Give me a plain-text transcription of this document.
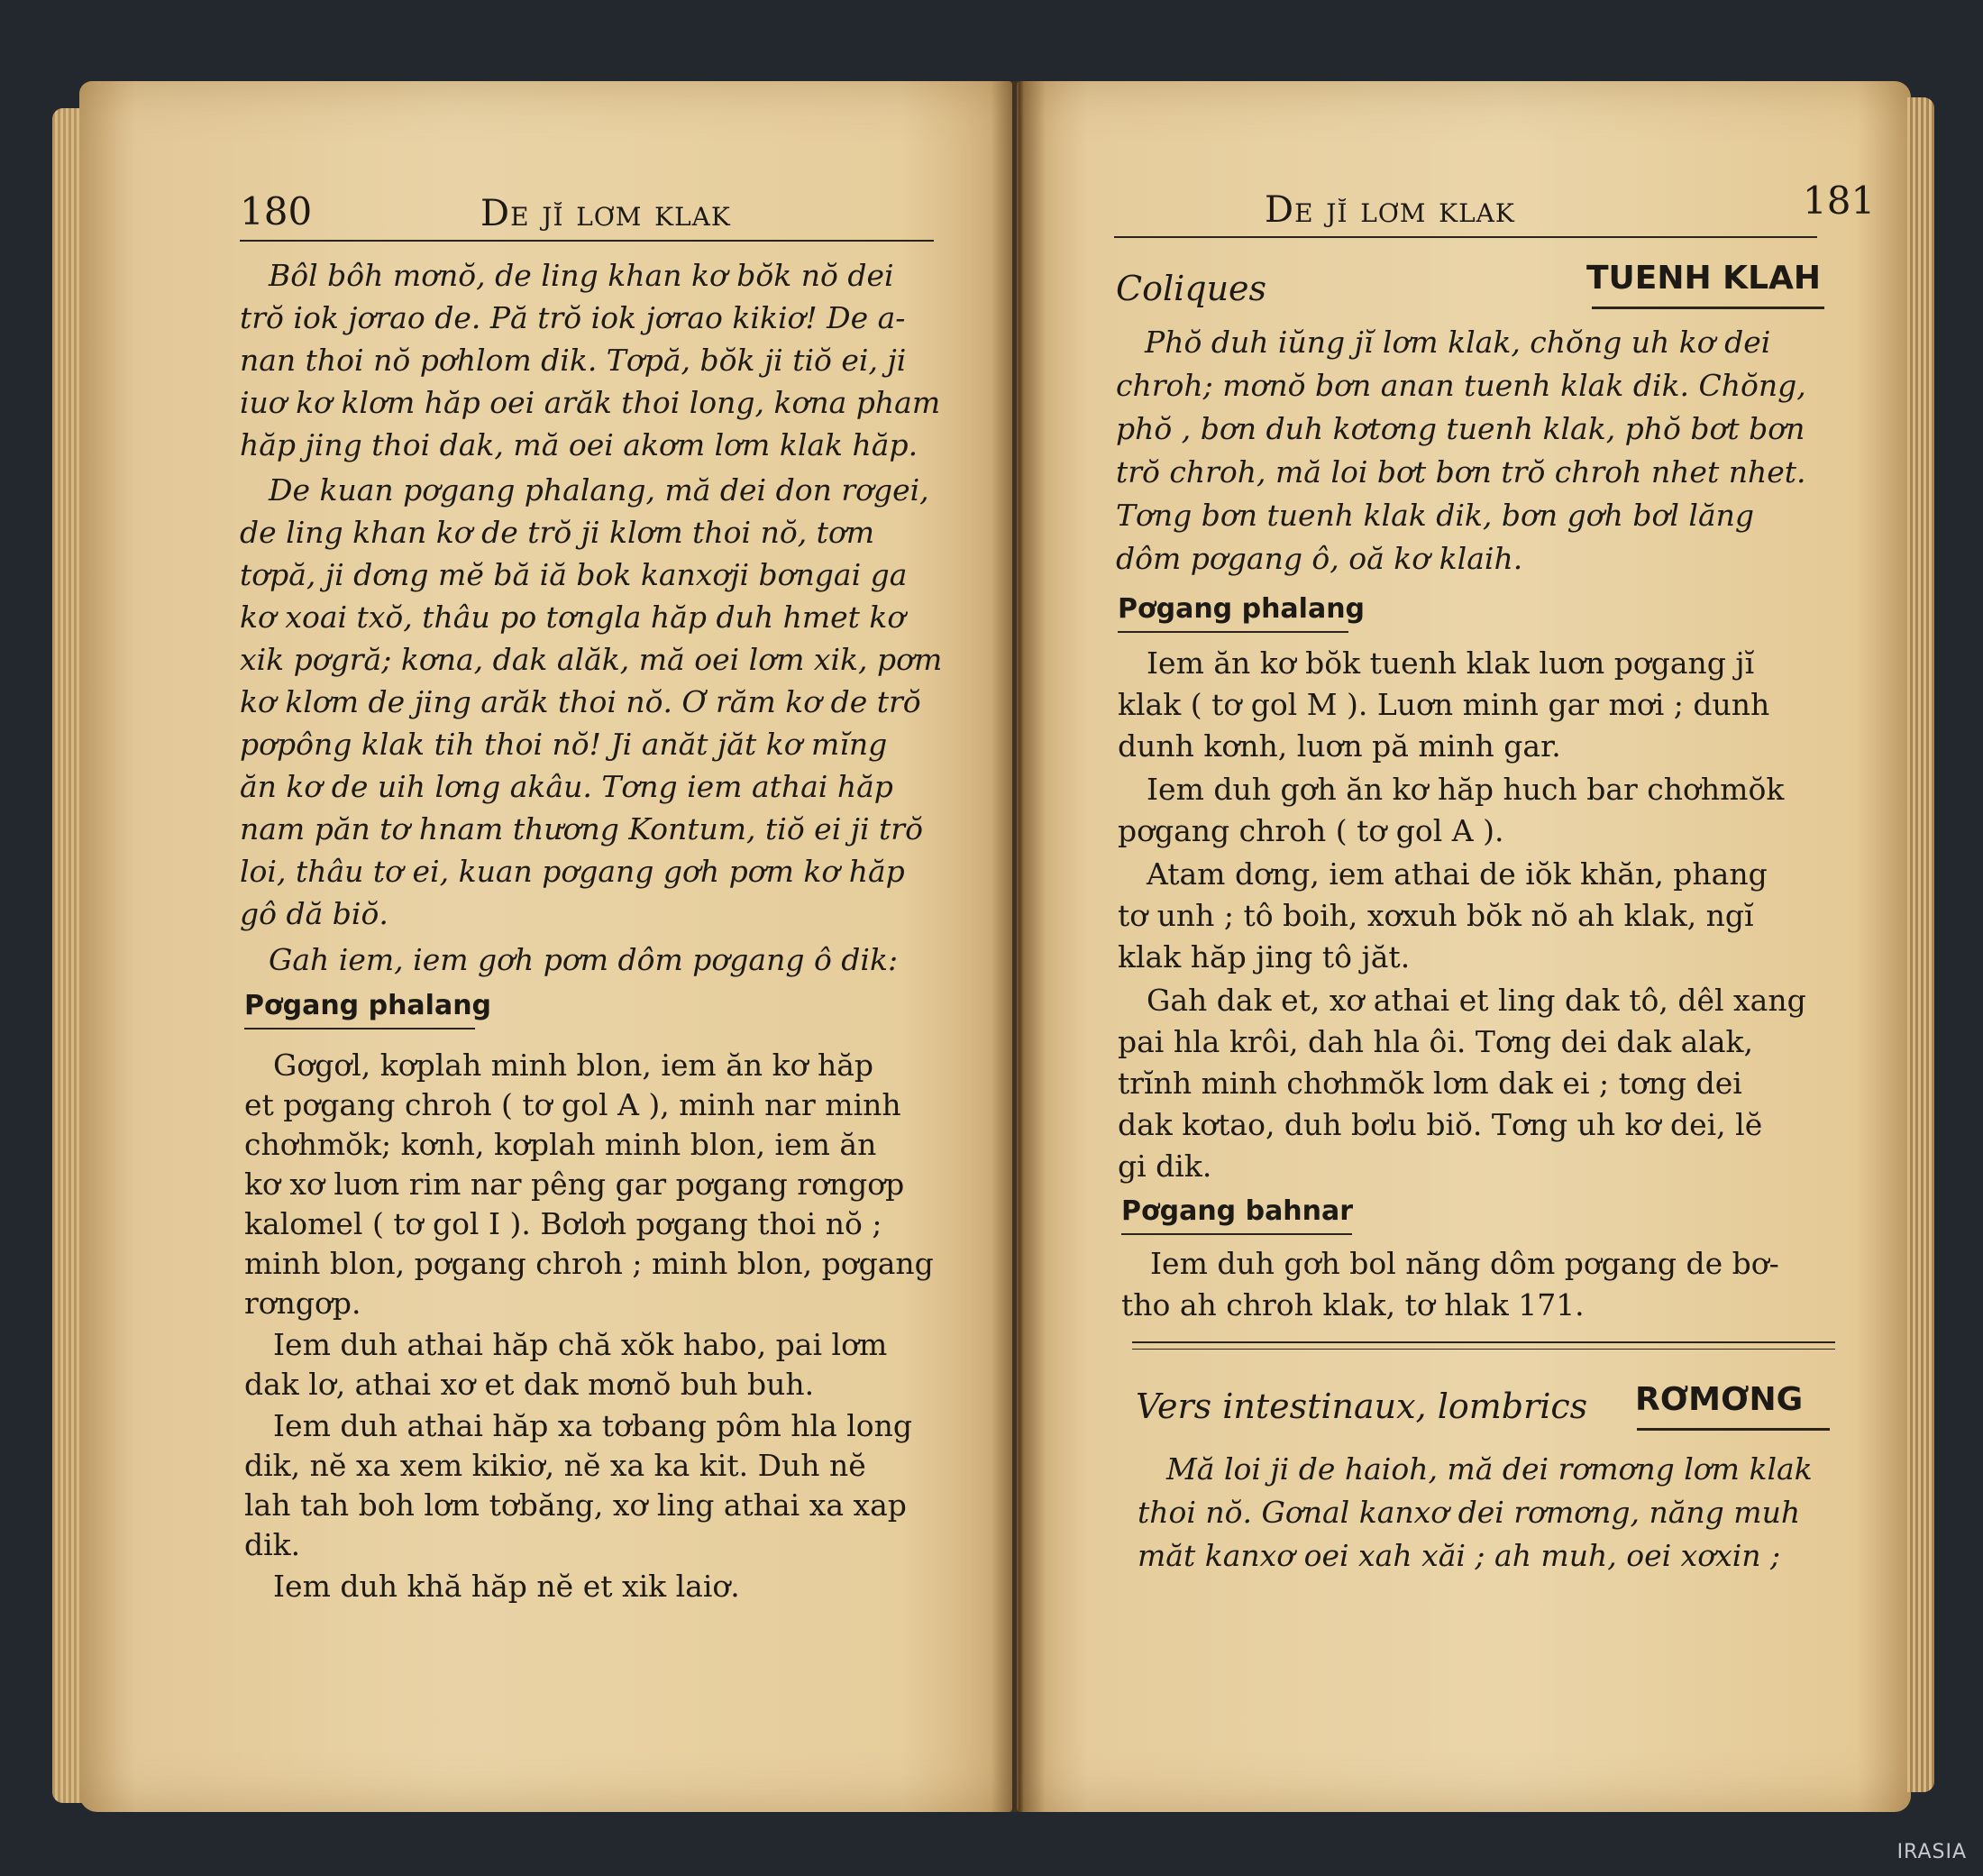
180	De jĭ lơm klak
Bôl bôh mơnŏ, de ling khan kơ bŏk nŏ dei
trŏ iok jơrao de. Pă trŏ iok jơrao kikiơ! De a-
nan thoi nŏ pơhlom dik. Tơpă, bŏk ji tiŏ ei, ji
iuơ kơ klơm hăp oei arăk thoi long, kơna pham
hăp jing thoi dak, mă oei akơm lơm klak hăp.
De kuan pơgang phalang, mă dei don rơgei,
de ling khan kơ de trŏ ji klơm thoi nŏ, tơm
tơpă, ji dơng mĕ bă iă bok kanxơji bơngai ga
kơ xoai txŏ, thâu po tơngla hăp duh hmet kơ
xik pơgră; kơna, dak alăk, mă oei lơm xik, pơm
kơ klơm de jing arăk thoi nŏ. Ơ răm kơ de trŏ
pơpông klak tih thoi nŏ! Ji anăt jăt kơ mĭng
ăn kơ de uih lơng akâu. Tơng iem athai hăp
nam păn tơ hnam thương Kontum, tiŏ ei ji trŏ
loi, thâu tơ ei, kuan pơgang gơh pơm kơ hăp
gô dă biŏ.
Gah iem, iem gơh pơm dôm pơgang ô dik:
Pơgang phalang
Gơgơl, kơplah minh blon, iem ăn kơ hăp
et pơgang chroh ( tơ gol A ), minh nar minh
chơhmŏk; kơnh, kơplah minh blon, iem ăn
kơ xơ luơn rim nar pêng gar pơgang rơngơp
kalomel ( tơ gol I ). Bơlơh pơgang thoi nŏ ;
minh blon, pơgang chroh ; minh blon, pơgang
rơngơp.
Iem duh athai hăp chă xŏk habo, pai lơm
dak lơ, athai xơ et dak mơnŏ buh buh.
Iem duh athai hăp xa tơbang pôm hla long
dik, nĕ xa xem kikiơ, nĕ xa ka kit. Duh nĕ
lah tah boh lơm tơbăng, xơ ling athai xa xap
dik.
Iem duh khă hăp nĕ et xik laiơ.
De jĭ lơm klak	181
Coliques	TUENH KLAH
Phŏ duh iŭng jĭ lơm klak, chŏng uh kơ dei
chroh; mơnŏ bơn anan tuenh klak dik. Chŏng,
phŏ , bơn duh kơtơng tuenh klak, phŏ bơt bơn
trŏ chroh, mă loi bơt bơn trŏ chroh nhet nhet.
Tơng bơn tuenh klak dik, bơn gơh bơl lăng
dôm pơgang ô, oă kơ klaih.
Pơgang phalang
Iem ăn kơ bŏk tuenh klak luơn pơgang jĭ
klak ( tơ gol M ). Luơn minh gar mơi ; dunh
dunh kơnh, luơn pă minh gar.
Iem duh gơh ăn kơ hăp huch bar chơhmŏk
pơgang chroh ( tơ gol A ).
Atam dơng, iem athai de iŏk khăn, phang
tơ unh ; tô boih, xơxuh bŏk nŏ ah klak, ngĭ
klak hăp jing tô jăt.
Gah dak et, xơ athai et ling dak tô, dêl xang
pai hla krôi, dah hla ôi. Tơng dei dak alak,
trĭnh minh chơhmŏk lơm dak ei ; tơng dei
dak kơtao, duh bơlu biŏ. Tơng uh kơ dei, lĕ
gi dik.
Pơgang bahnar
Iem duh gơh bol năng dôm pơgang de bơ-
tho ah chroh klak, tơ hlak 171.
Vers intestinaux, lombrics RƠMƠNG
Mă loi ji de haioh, mă dei rơmơng lơm klak
thoi nŏ. Gơnal kanxơ dei rơmơng, năng muh
măt kanxơ oei xah xăi ; ah muh, oei xơxin ;
IRASIA
